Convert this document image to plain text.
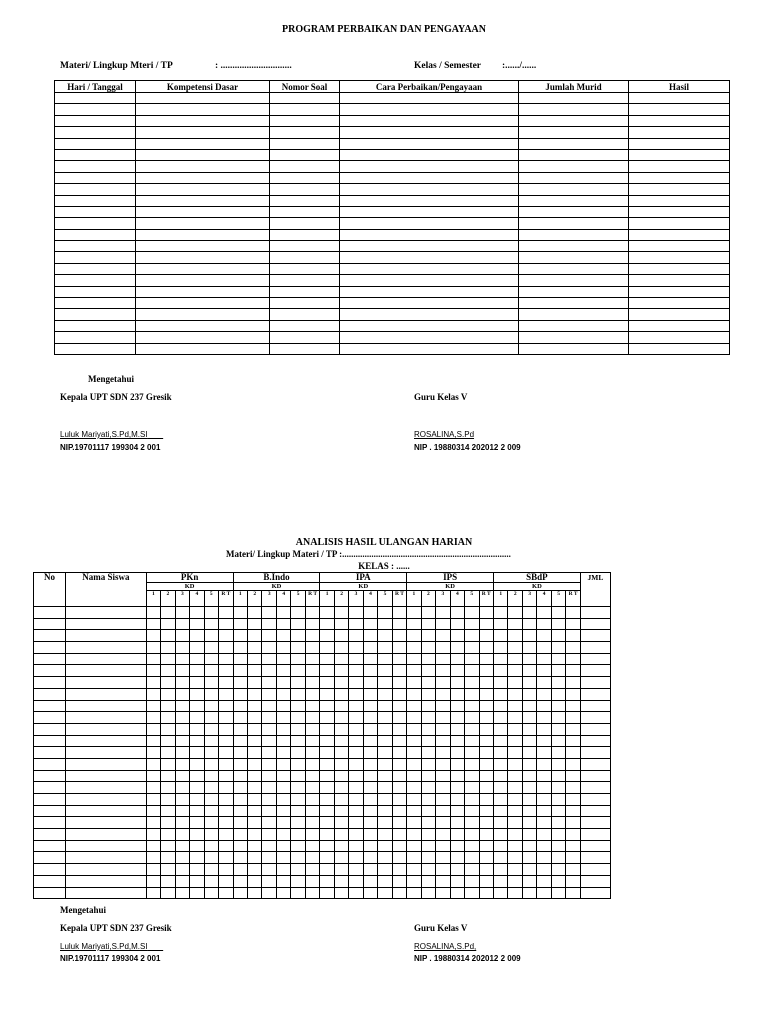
PROGRAM PERBAIKAN DAN PENGAYAAN
Materi/ Lingkup Mteri / TP	: ..............................	Kelas / Semester :....../......
Hari / Tanggal	Kompetensi Dasar	Nomor Soal	Cara Perbaikan/Pengayaan	Jumlah Murid	Hasil

Mengetahui
Kepala UPT SDN 237 Gresik	Guru Kelas V
Luluk Mariyati,S.Pd,M.SI
NIP.19701117 199304 2 001
ROSALINA,S.Pd
NIP . 19880314 202012 2 009
ANALISIS HASIL ULANGAN HARIAN
Materi/ Lingkup Materi / TP :...........................................................................
KELAS : ......
No	Nama Siswa	PKn						B.Indo						IPA						IPS						SBdP						JML
		KD						KD						KD						KD						KD						
		1	2	3	4	5	R T	1	2	3	4	5	R T	1	2	3	4	5	R T	1	2	3	4	5	R T	1	2	3	4	5	R T	

Mengetahui
Kepala UPT SDN 237 Gresik	Guru Kelas V
Luluk Mariyati,S.Pd,M.SI
NIP.19701117 199304 2 001
ROSALINA,S.Pd,
NIP . 19880314 202012 2 009
